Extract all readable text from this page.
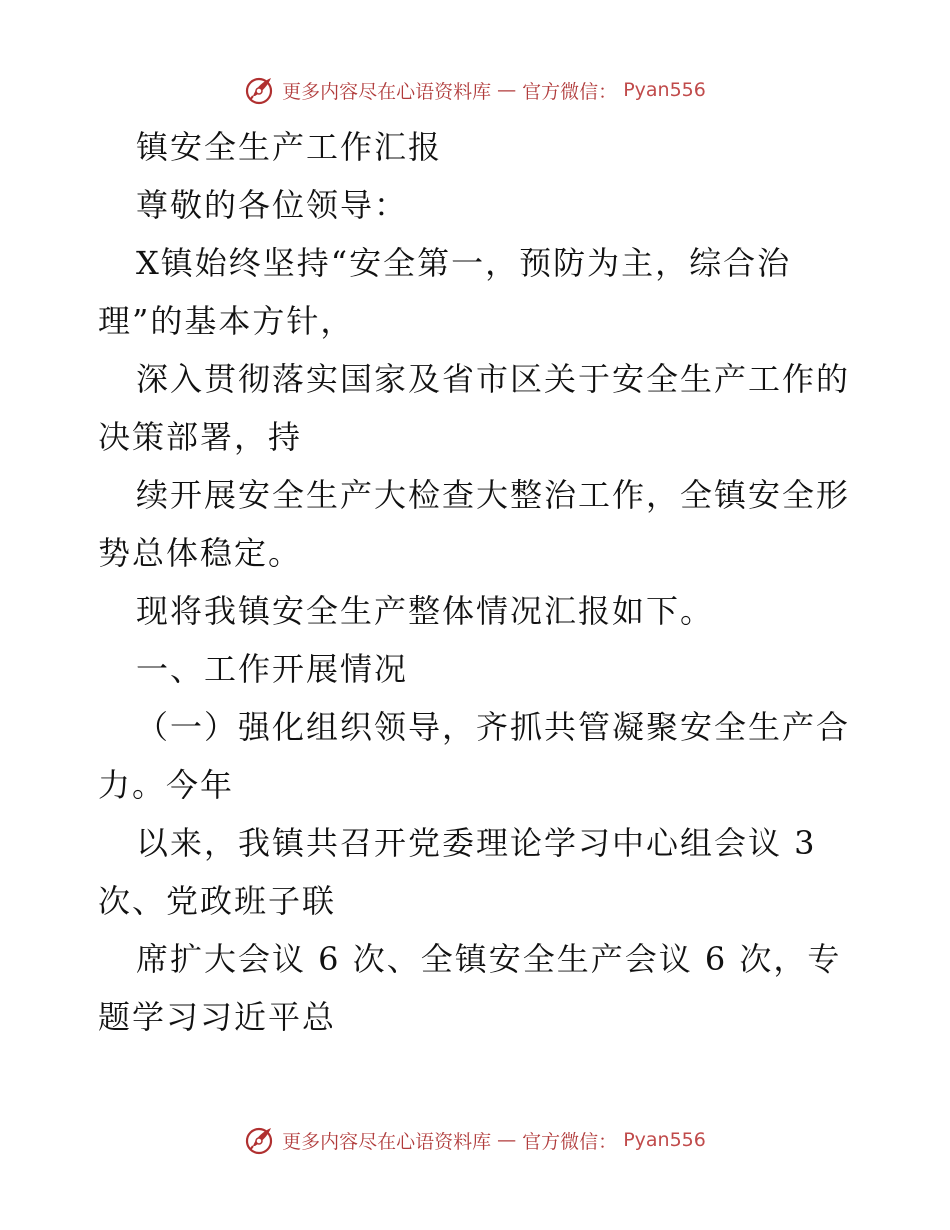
更多内容尽在心语资料库 — 官方微信： Pyan556
镇安全生产工作汇报
尊敬的各位领导：
X镇始终坚持“安全第一，预防为主，综合治
理”的基本方针，
深入贯彻落实国家及省市区关于安全生产工作的
决策部署，持
续开展安全生产大检查大整治工作，全镇安全形
势总体稳定。
现将我镇安全生产整体情况汇报如下。
一、工作开展情况
（一）强化组织领导，齐抓共管凝聚安全生产合
力。今年
以来，我镇共召开党委理论学习中心组会议 3
次、党政班子联
席扩大会议 6 次、全镇安全生产会议 6 次，专
题学习习近平总
更多内容尽在心语资料库 — 官方微信： Pyan556
